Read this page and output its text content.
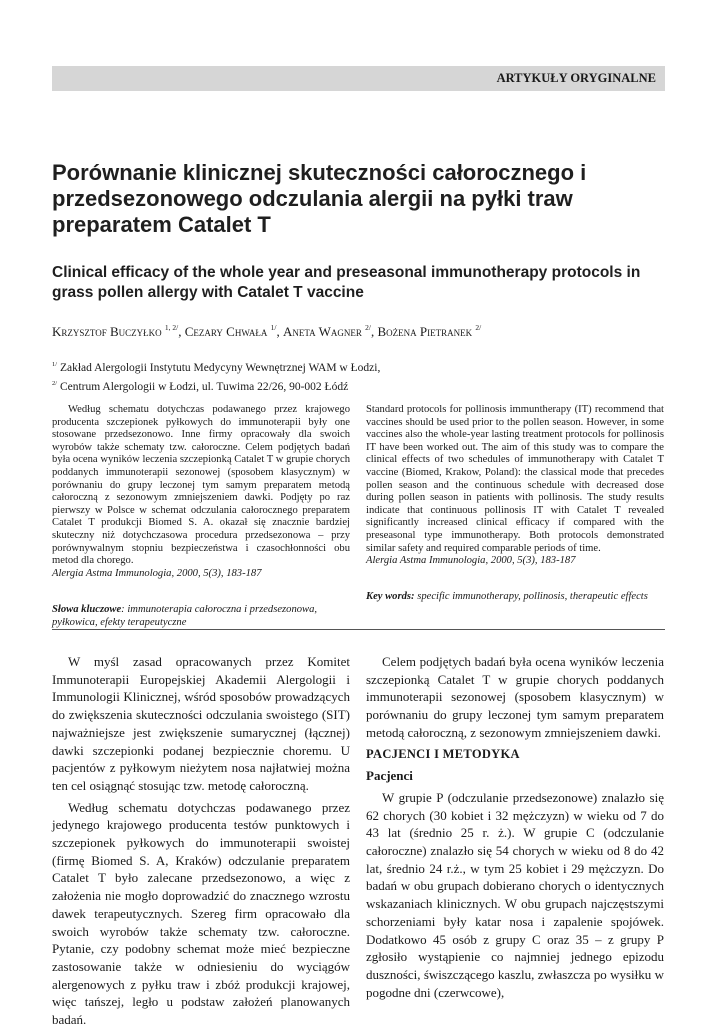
ARTYKUŁY ORYGINALNE
Porównanie klinicznej skuteczności całorocznego i przedsezonowego odczulania alergii na pyłki traw preparatem Catalet T
Clinical efficacy of the whole year and preseasonal immunotherapy protocols in grass pollen allergy with Catalet T vaccine
Krzysztof Buczyłko $^{1, 2/}$, Cezary Chwała $^{1/}$, Aneta Wagner $^{2/}$, Bożena Pietranek $^{2/}$
$^{1/}$ Zakład Alergologii Instytutu Medycyny Wewnętrznej WAM w Łodzi,
$^{2/}$ Centrum Alergologii w Łodzi, ul. Tuwima 22/26, 90-002 Łódź

Według schematu dotychczas podawanego przez krajowego producenta szczepionek pyłkowych do immunoterapii były one stosowane przedsezonowo. Inne firmy opracowały dla swoich wyrobów także schematy tzw. całoroczne. Celem podjętych badań była ocena wyników leczenia szczepionką Catalet T w grupie chorych poddanych immunoterapii sezonowej (sposobem klasycznym) w porównaniu do grupy leczonej tym samym preparatem metodą całoroczną z sezonowym zmniejszeniem dawki. Podjęty po raz pierwszy w Polsce w schemat odczulania całorocznego preparatem Catalet T produkcji Biomed S. A. okazał się znacznie bardziej skuteczny niż dotychczasowa procedura przedsezonowa – przy porównywalnym stopniu bezpieczeństwa i czasochłonności obu metod dla chorego.

Alergia Astma Immunologia, 2000, 5(3), 183-187

Słowa kluczowe: immunoterapia całoroczna i przedsezonowa, pyłkowica, efekty terapeutyczne

Standard protocols for pollinosis immuntherapy (IT) recommend that vaccines should be used prior to the pollen season. However, in some vaccines also the whole-year lasting treatment protocols for pollinosis IT have been worked out. The aim of this study was to compare the clinical effects of two schedules of immunotherapy with Catalet T vaccine (Biomed, Krakow, Poland): the classical mode that precedes pollen season and the continuous schedule with decreased dose during pollen season in patients with pollinosis. The study results indicate that continuous pollinosis IT with Catalet T revealed significantly increased clinical efficacy if compared with the preseasonal type immunotherapy. Both protocols demonstrated similar safety and required comparable periods of time.

Alergia Astma Immunologia, 2000, 5(3), 183-187

Key words: specific immunotherapy, pollinosis, therapeutic effects

W myśl zasad opracowanych przez Komitet Immunoterapii Europejskiej Akademii Alergologii i Immunologii Klinicznej, wśród sposobów prowadzących do zwiększenia skuteczności odczulania swoistego (SIT) najważniejsze jest zwiększenie sumarycznej (łącznej) dawki szczepionki podanej bezpiecznie choremu. U pacjentów z pyłkowym nieżytem nosa najłatwiej można ten cel osiągnąć stosując tzw. metodę całoroczną.

Według schematu dotychczas podawanego przez jedynego krajowego producenta testów punktowych i szczepionek pyłkowych do immunoterapii swoistej (firmę Biomed S. A, Kraków) odczulanie preparatem Catalet T było zalecane przedsezonowo, a więc z założenia nie mogło doprowadzić do znacznego wzrostu dawek terapeutycznych. Szereg firm opracowało dla swoich wyrobów także schematy tzw. całoroczne. Pytanie, czy podobny schemat może mieć bezpieczne zastosowanie także w odniesieniu do wyciągów alergenowych z pyłku traw i zbóż produkcji krajowej, więc tańszej, legło u podstaw założeń planowanych badań.

Celem podjętych badań była ocena wyników leczenia szczepionką Catalet T w grupie chorych poddanych immunoterapii sezonowej (sposobem klasycznym) w porównaniu do grupy leczonej tym samym preparatem metodą całoroczną, z sezonowym zmniejszeniem dawki.

PACJENCI I METODYKA

Pacjenci

W grupie P (odczulanie przedsezonowe) znalazło się 62 chorych (30 kobiet i 32 mężczyzn) w wieku od 7 do 43 lat (średnio 25 r. ż.). W grupie C (odczulanie całoroczne) znalazło się 54 chorych w wieku od 8 do 42 lat, średnio 24 r.ż., w tym 25 kobiet i 29 mężczyzn. Do badań w obu grupach dobierano chorych o identycznych wskazaniach klinicznych. W obu grupach najczęstszymi schorzeniami były katar nosa i zapalenie spojówek. Dodatkowo 45 osób z grupy C oraz 35 – z grupy P zgłosiło wystąpienie co najmniej jednego epizodu duszności, świszczącego kaszlu, zwłaszcza po wysiłku w pogodne dni (czerwcowe),
